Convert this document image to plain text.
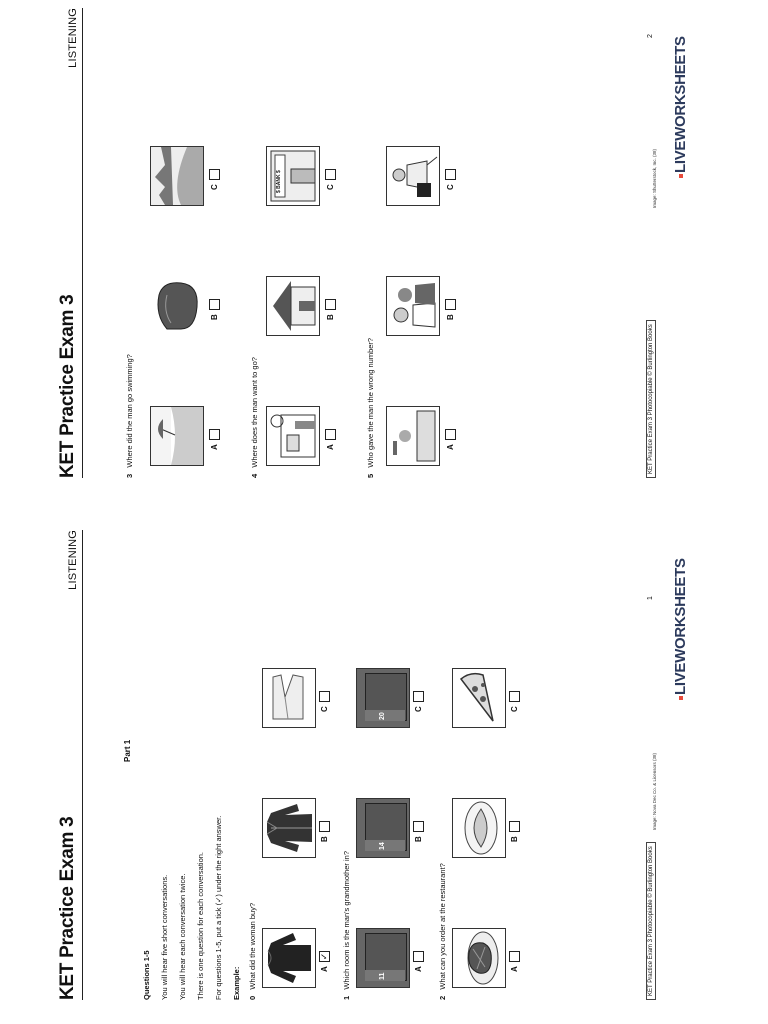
KET Practice Exam 3
LISTENING
Part 1
Questions 1-5 You will hear five short conversations. You will hear each conversation twice. There is one question for each conversation. For questions 1-5, put a tick (✓) under the right answer. Example: 0   What did the woman buy?	A
✓
B
C
1   Which room is the man's grandmother in?	11
14
20
A
B
C
2   What can you order at the restaurant?	A
B
C
KET Practice Exam 3 Photocopiable © Burlington Books
Image: Nova Dec Co. & Licensors (38)
1 LIVEWORKSHEETS
KET Practice Exam 3
LISTENING
3   Where did the man go swimming?	A
B
C
4   Where does the man want to go?
$ BANK $
A
B
C
5   Who gave the man the wrong number?	A
B
C
KET Practice Exam 3 Photocopiable © Burlington Books
Image: Shutterstock, Inc. (38)
2
LIVEWORKSHEETS
